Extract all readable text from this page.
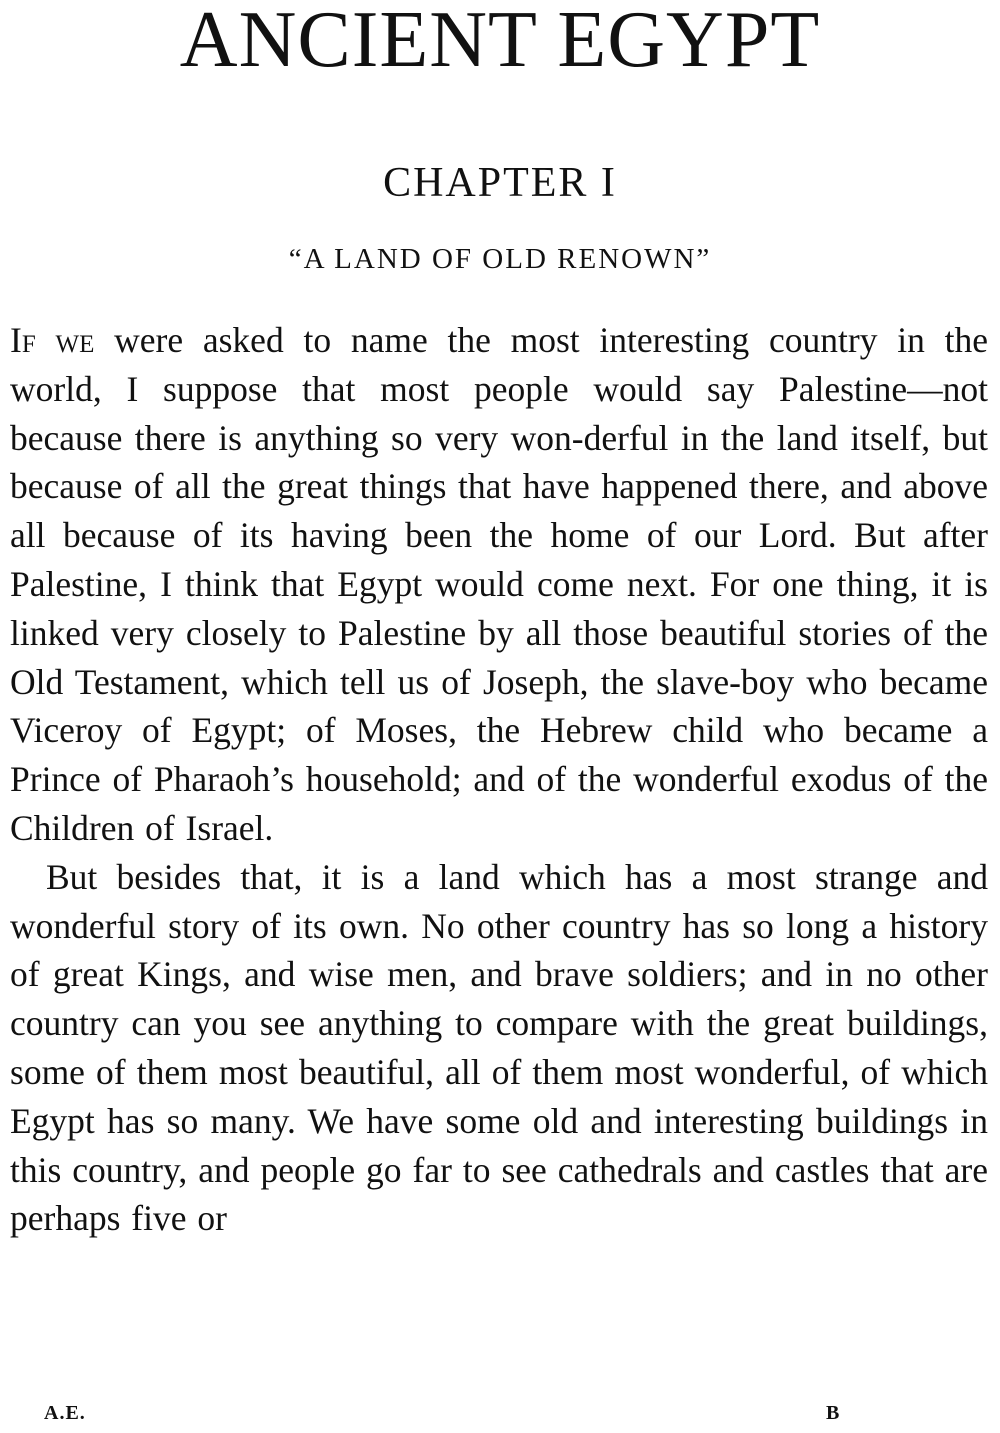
ANCIENT EGYPT
CHAPTER I
“A LAND OF OLD RENOWN”

If we were asked to name the most interesting country in the world, I suppose that most people would say Palestine—not because there is anything so very won-derful in the land itself, but because of all the great things that have happened there, and above all because of its having been the home of our Lord. But after Palestine, I think that Egypt would come next. For one thing, it is linked very closely to Palestine by all those beautiful stories of the Old Testament, which tell us of Joseph, the slave-boy who became Viceroy of Egypt; of Moses, the Hebrew child who became a Prince of Pharaoh’s household; and of the wonderful exodus of the Children of Israel.

But besides that, it is a land which has a most strange and wonderful story of its own. No other country has so long a history of great Kings, and wise men, and brave soldiers; and in no other country can you see anything to compare with the great buildings, some of them most beautiful, all of them most wonderful, of which Egypt has so many. We have some old and interesting buildings in this country, and people go far to see cathedrals and castles that are perhaps five or

A.E.	B
